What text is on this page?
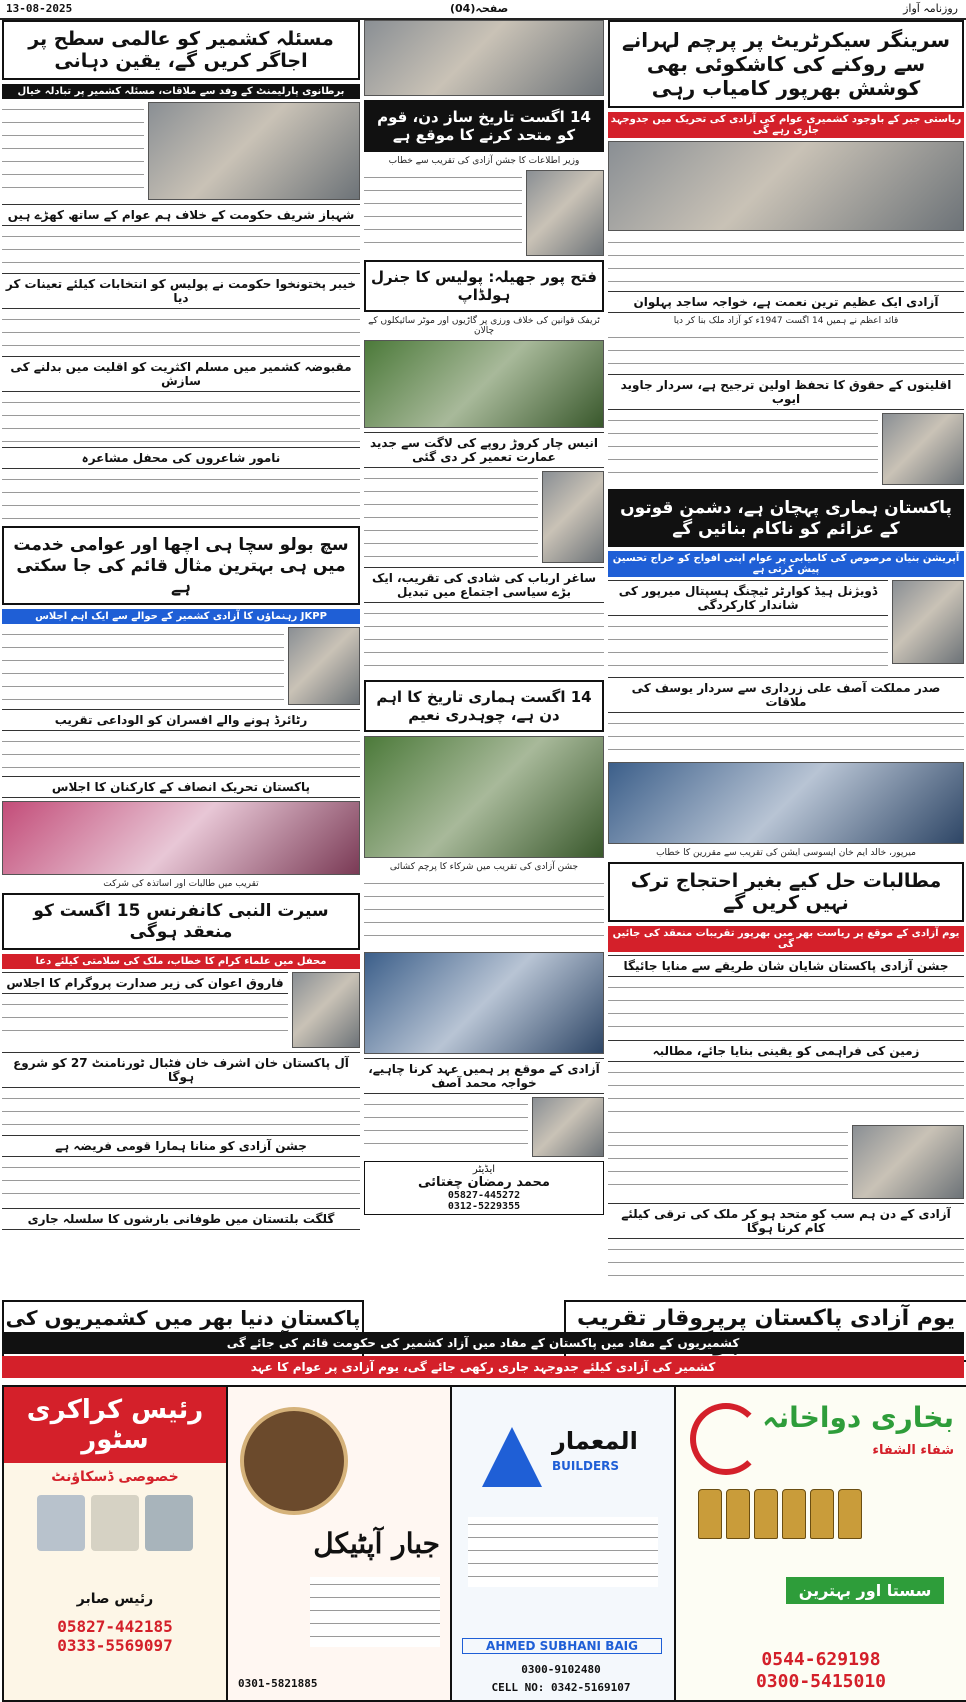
13-08-2025	صفحہ(04)	روزنامہ آواز
سرینگر سیکرٹریٹ پر پرچم لہرانے سے روکنے کی کاشکوئی بھی کوشش بھرپور کامیاب رہی
ریاستی جبر کے باوجود کشمیری عوام کی آزادی کی تحریک میں جدوجہد جاری رہے گی
آزادی ایک عظیم ترین نعمت ہے، خواجہ ساجد پہلوان
قائد اعظم نے ہمیں 14 اگست 1947ء کو آزاد ملک بنا کر دیا
اقلیتوں کے حقوق کا تحفظ اولین ترجیح ہے، سردار جاوید ایوب
پاکستان ہماری پہچان ہے، دشمن قوتوں کے عزائم کو ناکام بنائیں گے
آپریشن بنیان مرصوص کی کامیابی پر عوام اپنی افواج کو خراج تحسین پیش کرتی ہے
ڈویژنل ہیڈ کوارٹر ٹیچنگ ہسپتال میرپور کی شاندار کارکردگی
صدر مملکت آصف علی زرداری سے سردار یوسف کی ملاقات
میرپور، خالد ایم خان ایسوسی ایشن کی تقریب سے مقررین کا خطاب
مطالبات حل کیے بغیر احتجاج ترک نہیں کریں گے
یوم آزادی کے موقع پر ریاست بھر میں بھرپور تقریبات منعقد کی جائیں گی
جشن آزادی پاکستان شایان شان طریقے سے منایا جائیگا
زمین کی فراہمی کو یقینی بنایا جائے، مطالبہ
آزادی کے دن ہم سب کو متحد ہو کر ملک کی ترقی کیلئے کام کرنا ہوگا
14 اگست تاریخ ساز دن، قوم کو متحد کرنے کا موقع ہے
وزیر اطلاعات کا جشن آزادی کی تقریب سے خطاب
فتح پور جھیلہ: پولیس کا جنرل ہولڈاپ
ٹریفک قوانین کی خلاف ورزی پر گاڑیوں اور موٹر سائیکلوں کے چالان
انیس چار کروڑ روپے کی لاگت سے جدید عمارت تعمیر کر دی گئی
ساغر ارباب کی شادی کی تقریب، ایک بڑے سیاسی اجتماع میں تبدیل
14 اگست ہماری تاریخ کا اہم دن ہے، چوہدری نعیم
جشن آزادی کی تقریب میں شرکاء کا پرچم کشائی
آزادی کے موقع پر ہمیں عہد کرنا چاہیے، خواجہ محمد آصف
ایڈیٹر
محمد رمضان چغتائی
05827-445272
0312-5229355
مسئلہ کشمیر کو عالمی سطح پر اجاگر کریں گے، یقین دہانی
برطانوی پارلیمنٹ کے وفد سے ملاقات، مسئلہ کشمیر پر تبادلہ خیال
شہباز شریف حکومت کے خلاف ہم عوام کے ساتھ کھڑے ہیں
خیبر پختونخوا حکومت نے پولیس کو انتخابات کیلئے تعینات کر دیا
مقبوضہ کشمیر میں مسلم اکثریت کو اقلیت میں بدلنے کی سازش
نامور شاعروں کی محفل مشاعرہ
سچ بولو سچا ہی اچھا اور عوامی خدمت میں ہی بہترین مثال قائم کی جا سکتی ہے
JKPP رہنماؤں کا آزادی کشمیر کے حوالے سے ایک اہم اجلاس
رٹائرڈ ہونے والے افسران کو الوداعی تقریب
پاکستان تحریک انصاف کے کارکنان کا اجلاس
تقریب میں طالبات اور اساتذہ کی شرکت
سیرت النبی کانفرنس 15 اگست کو منعقد ہوگی
محفل میں علماء کرام کا خطاب، ملک کی سلامتی کیلئے دعا
فاروق اعوان کی زیر صدارت پروگرام کا اجلاس
آل پاکستان خان اشرف خان فٹبال ٹورنامنٹ 27 کو شروع ہوگا
جشن آزادی کو منانا ہمارا قومی فریضہ ہے
گلگت بلتستان میں طوفانی بارشوں کا سلسلہ جاری
پاکستان دنیا بھر میں کشمیریوں کی	یوم آزادی پاکستان پرپروقار تقریب
کشمیریوں کے مفاد میں پاکستان کے مفاد میں آزاد کشمیر کی حکومت قائم کی جائے گی
کشمیر کی آزادی کیلئے جدوجہد جاری رکھی جائے گی، یوم آزادی پر عوام کا عہد
رئیس کراکری سٹور
خصوصی ڈسکاؤنٹ
رئیس صابر
05827-442185
0333-5569097
جبار آپٹیکل
0301-5821885
المعمار
BUILDERS
AHMED SUBHANI BAIG
0300-9102480
CELL NO: 0342-5169107
بخاری دواخانہ
شفاء الشفاء
سستا اور بہترین
0544-629198
0300-5415010
